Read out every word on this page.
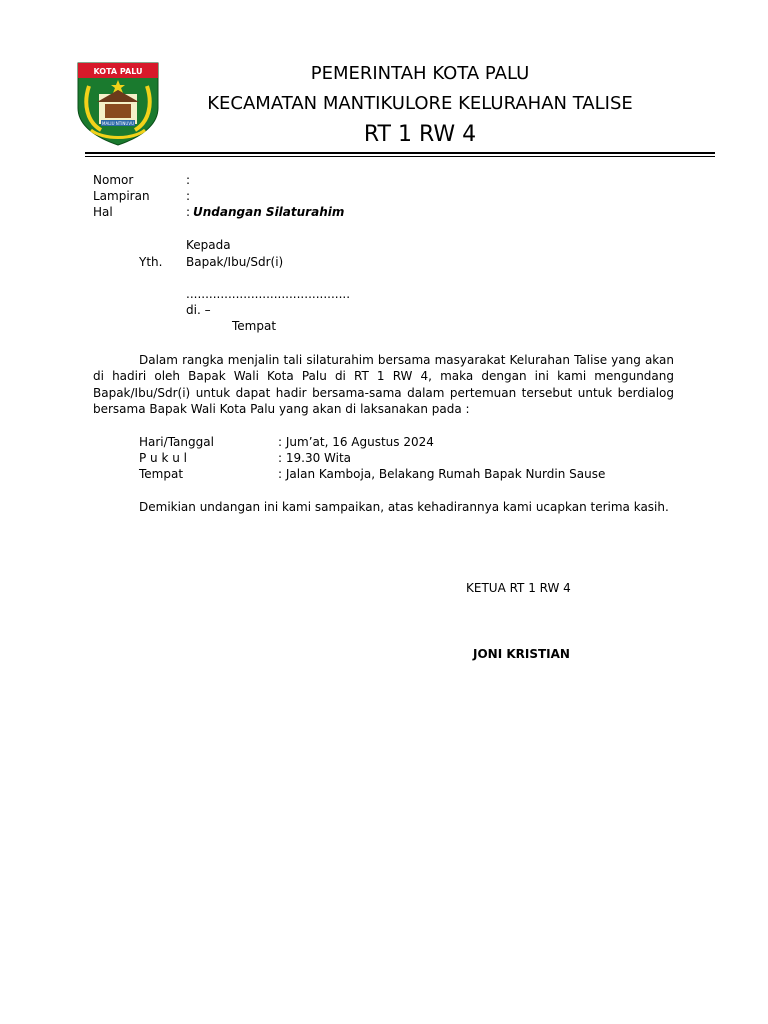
KOTA PALU
MALIU NTINUVU
PEMERINTAH KOTA PALU
KECAMATAN MANTIKULORE KELURAHAN TALISE
RT 1 RW 4
Nomor	:
Lampiran	:
Hal	: Undangan Silaturahim
Kepada
Yth. Bapak/Ibu/Sdr(i)
...........................................
di. –
Tempat
Dalam rangka menjalin tali silaturahim bersama masyarakat Kelurahan Talise yang akan di hadiri oleh Bapak Wali Kota Palu di RT 1 RW 4, maka dengan ini kami mengundang Bapak/Ibu/Sdr(i) untuk dapat hadir bersama-sama dalam pertemuan tersebut untuk berdialog bersama Bapak Wali Kota Palu yang akan di laksanakan pada :
Hari/Tanggal	: Jum’at, 16 Agustus 2024
P u k u l	: 19.30 Wita
Tempat	: Jalan Kamboja, Belakang Rumah Bapak Nurdin Sause
Demikian undangan ini kami sampaikan, atas kehadirannya kami ucapkan terima kasih.
KETUA RT 1 RW 4
JONI KRISTIAN
